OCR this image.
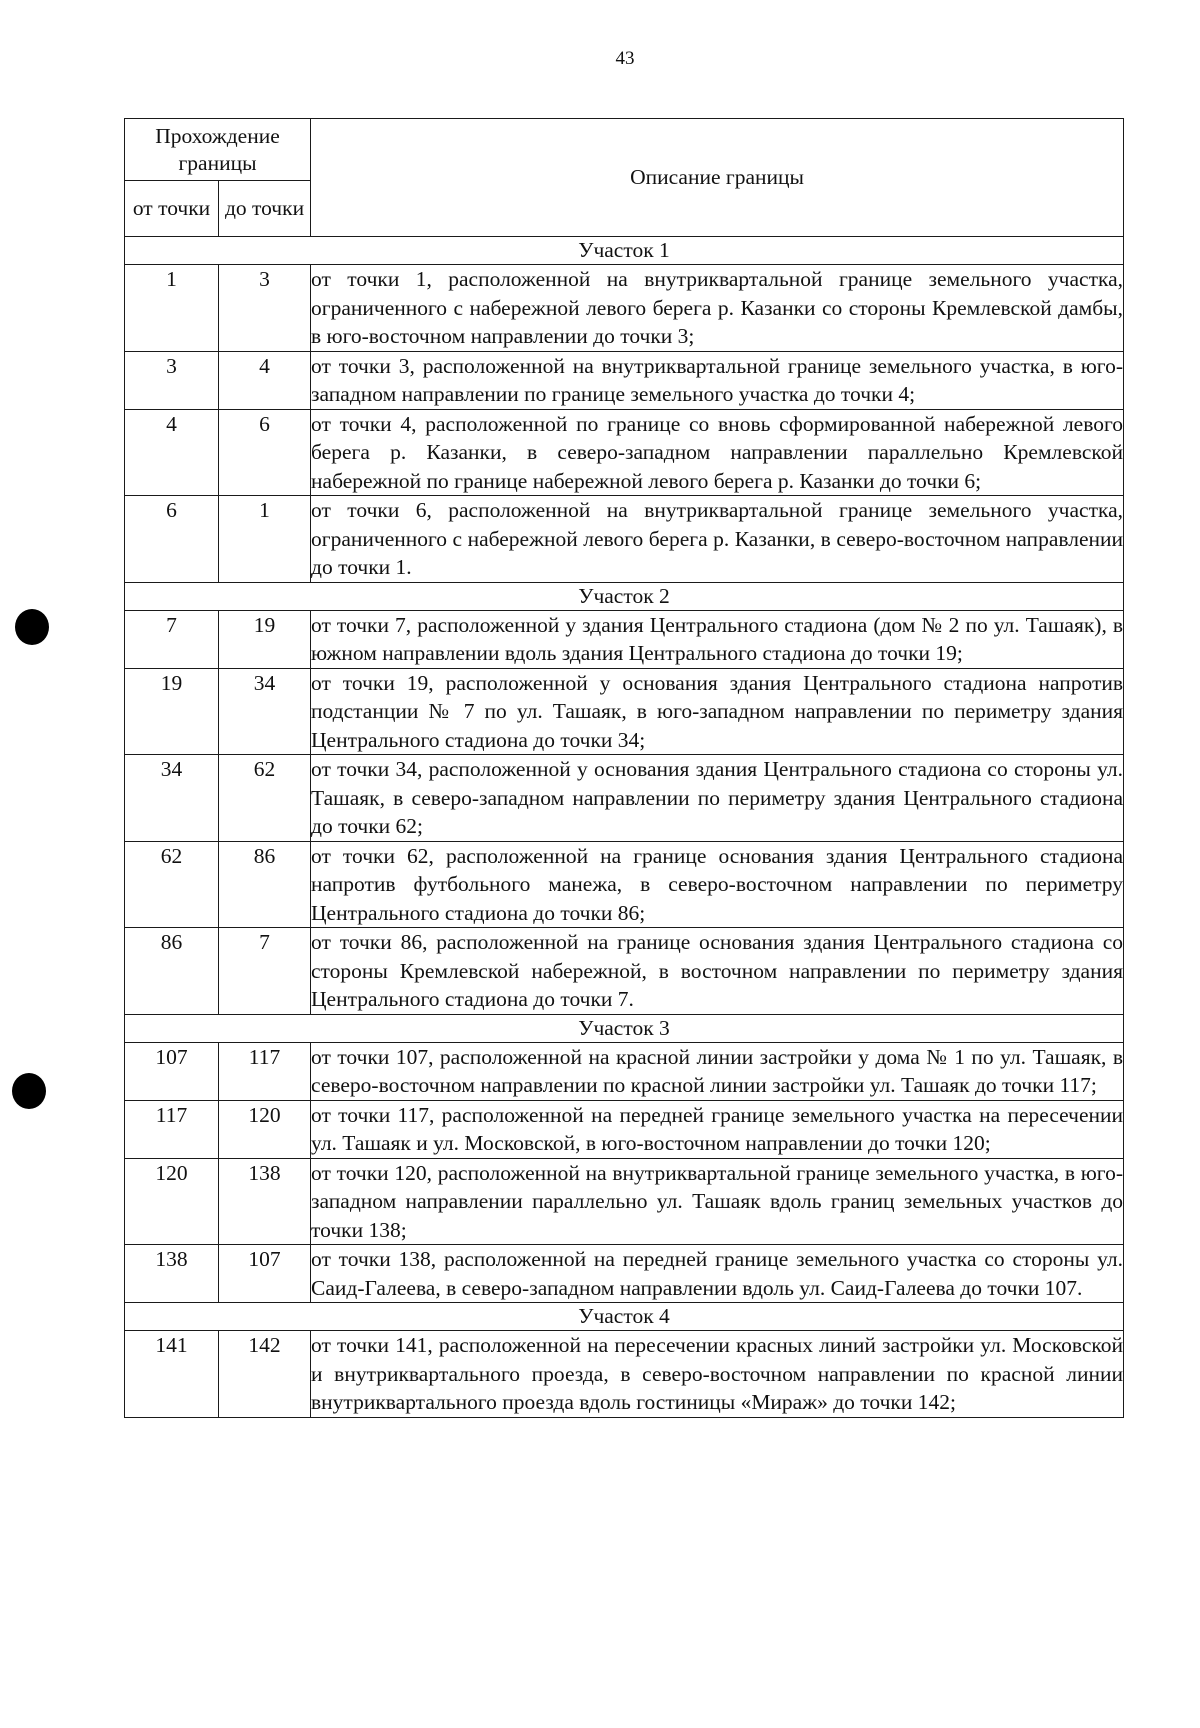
43
Прохождение границы		Описание границы
от точки	до точки	
Участок 1		
1	3	от точки 1, расположенной на внутриквартальной границе земельного участка, ограниченного с набережной левого берега р. Казанки со стороны Кремлевской дамбы, в юго-восточном направлении до точки 3;
3	4	от точки 3, расположенной на внутриквартальной границе земельного участка, в юго-западном направлении по границе земельного участка до точки 4;
4	6	от точки 4, расположенной по границе со вновь сформированной набережной левого берега р. Казанки, в северо-западном направлении параллельно Кремлевской набережной по границе набережной левого берега р. Казанки до точки 6;
6	1	от точки 6, расположенной на внутриквартальной границе земельного участка, ограниченного с набережной левого берега р. Казанки, в северо-восточном направлении до точки 1.
Участок 2		
7	19	от точки 7, расположенной у здания Центрального стадиона (дом № 2 по ул. Ташаяк), в южном направлении вдоль здания Центрального стадиона до точки 19;
19	34	от точки 19, расположенной у основания здания Центрального стадиона напротив подстанции № 7 по ул. Ташаяк, в юго-западном направлении по периметру здания Центрального стадиона до точки 34;
34	62	от точки 34, расположенной у основания здания Центрального стадиона со стороны ул. Ташаяк, в северо-западном направлении по периметру здания Центрального стадиона до точки 62;
62	86	от точки 62, расположенной на границе основания здания Центрального стадиона напротив футбольного манежа, в северо-восточном направлении по периметру Центрального стадиона до точки 86;
86	7	от точки 86, расположенной на границе основания здания Центрального стадиона со стороны Кремлевской набережной, в восточном направлении по периметру здания Центрального стадиона до точки 7.
Участок 3		
107	117	от точки 107, расположенной на красной линии застройки у дома № 1 по ул. Ташаяк, в северо-восточном направлении по красной линии застройки ул. Ташаяк до точки 117;
117	120	от точки 117, расположенной на передней границе земельного участка на пересечении ул. Ташаяк и ул. Московской, в юго-восточном направлении до точки 120;
120	138	от точки 120, расположенной на внутриквартальной границе земельного участка, в юго-западном направлении параллельно ул. Ташаяк вдоль границ земельных участков до точки 138;
138	107	от точки 138, расположенной на передней границе земельного участка со стороны ул. Саид-Галеева, в северо-западном направлении вдоль ул. Саид-Галеева до точки 107.
Участок 4		
141	142	от точки 141, расположенной на пересечении красных линий застройки ул. Московской и внутриквартального проезда, в северо-восточном направлении по красной линии внутриквартального проезда вдоль гостиницы «Мираж» до точки 142;
